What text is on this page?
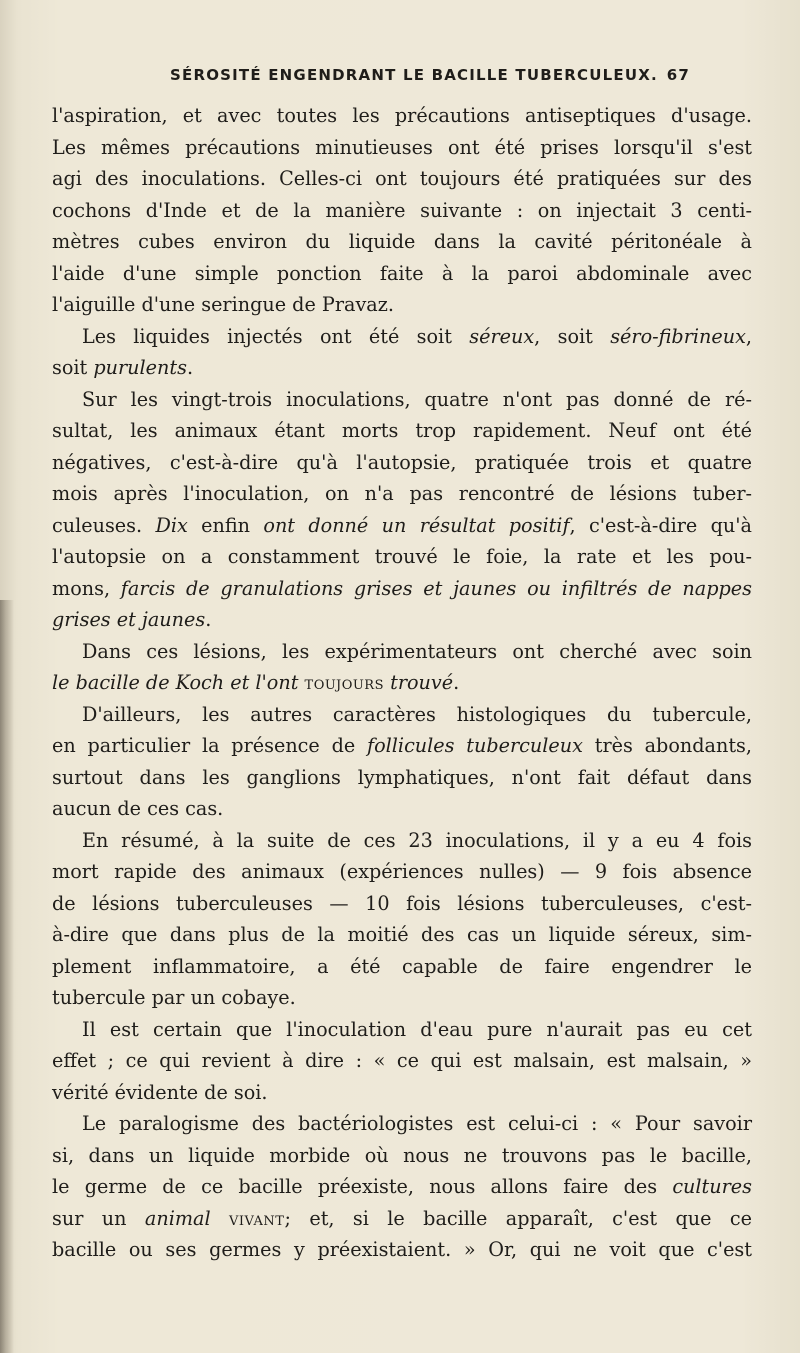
SÉROSITÉ ENGENDRANT LE BACILLE TUBERCULEUX. 67
l'aspiration, et avec toutes les précautions antiseptiques d'usage.
Les mêmes précautions minutieuses ont été prises lorsqu'il s'est
agi des inoculations. Celles-ci ont toujours été pratiquées sur des
cochons d'Inde et de la manière suivante : on injectait 3 centi-
mètres cubes environ du liquide dans la cavité péritonéale à
l'aide d'une simple ponction faite à la paroi abdominale avec
l'aiguille d'une seringue de Pravaz.
Les liquides injectés ont été soit séreux, soit séro-fibrineux,
soit purulents.
Sur les vingt-trois inoculations, quatre n'ont pas donné de ré-
sultat, les animaux étant morts trop rapidement. Neuf ont été
négatives, c'est-à-dire qu'à l'autopsie, pratiquée trois et quatre
mois après l'inoculation, on n'a pas rencontré de lésions tuber-
culeuses. Dix enfin ont donné un résultat positif, c'est-à-dire qu'à
l'autopsie on a constamment trouvé le foie, la rate et les pou-
mons, farcis de granulations grises et jaunes ou infiltrés de nappes
grises et jaunes.
Dans ces lésions, les expérimentateurs ont cherché avec soin
le bacille de Koch et l'ont toujours trouvé.
D'ailleurs, les autres caractères histologiques du tubercule,
en particulier la présence de follicules tuberculeux très abondants,
surtout dans les ganglions lymphatiques, n'ont fait défaut dans
aucun de ces cas.
En résumé, à la suite de ces 23 inoculations, il y a eu 4 fois
mort rapide des animaux (expériences nulles) — 9 fois absence
de lésions tuberculeuses — 10 fois lésions tuberculeuses, c'est-
à-dire que dans plus de la moitié des cas un liquide séreux, sim-
plement inflammatoire, a été capable de faire engendrer le
tubercule par un cobaye.
Il est certain que l'inoculation d'eau pure n'aurait pas eu cet
effet ; ce qui revient à dire : « ce qui est malsain, est malsain, »
vérité évidente de soi.
Le paralogisme des bactériologistes est celui-ci : « Pour savoir
si, dans un liquide morbide où nous ne trouvons pas le bacille,
le germe de ce bacille préexiste, nous allons faire des cultures
sur un animal vivant; et, si le bacille apparaît, c'est que ce
bacille ou ses germes y préexistaient. » Or, qui ne voit que c'est
